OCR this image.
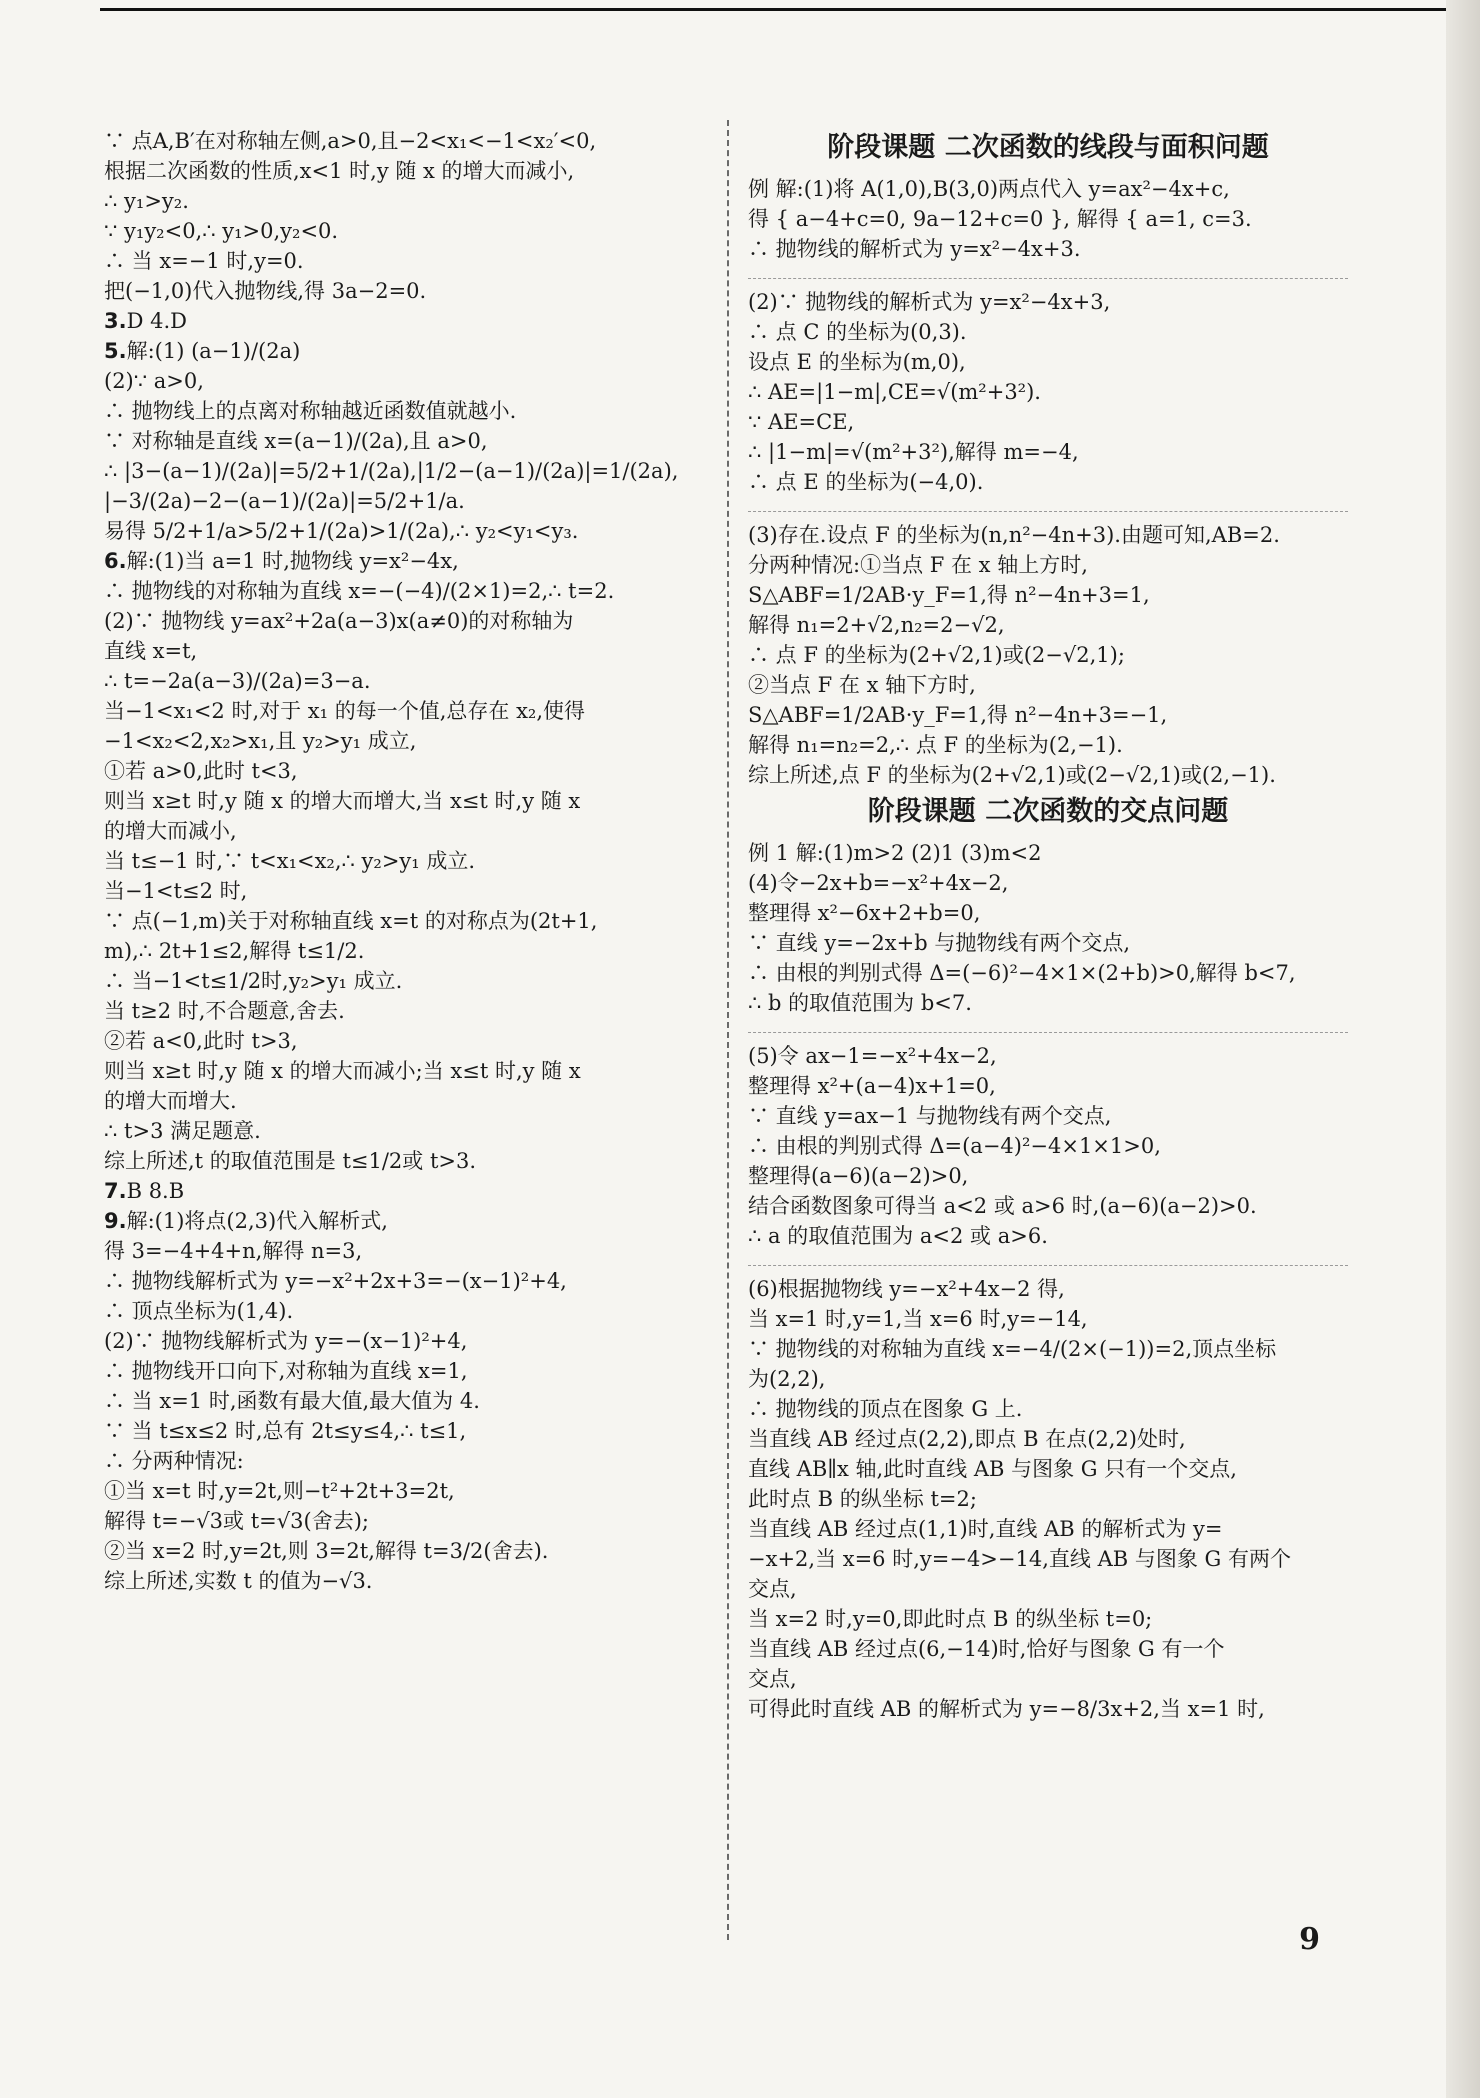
∵ 点A,B′在对称轴左侧,a>0,且−2<x₁<−1<x₂′<0,
根据二次函数的性质,x<1 时,y 随 x 的增大而减小,
∴ y₁>y₂.
∵ y₁y₂<0,∴ y₁>0,y₂<0.
∴ 当 x=−1 时,y=0.
把(−1,0)代入抛物线,得 3a−2=0.
3.D 4.D
5.解:(1) (a−1)/(2a)
(2)∵ a>0,
∴ 抛物线上的点离对称轴越近函数值就越小.
∵ 对称轴是直线 x=(a−1)/(2a),且 a>0,
∴ |3−(a−1)/(2a)|=5/2+1/(2a),|1/2−(a−1)/(2a)|=1/(2a),
|−3/(2a)−2−(a−1)/(2a)|=5/2+1/a.
易得 5/2+1/a>5/2+1/(2a)>1/(2a),∴ y₂<y₁<y₃.
6.解:(1)当 a=1 时,抛物线 y=x²−4x,
∴ 抛物线的对称轴为直线 x=−(−4)/(2×1)=2,∴ t=2.
(2)∵ 抛物线 y=ax²+2a(a−3)x(a≠0)的对称轴为
直线 x=t,
∴ t=−2a(a−3)/(2a)=3−a.
当−1<x₁<2 时,对于 x₁ 的每一个值,总存在 x₂,使得
−1<x₂<2,x₂>x₁,且 y₂>y₁ 成立,
①若 a>0,此时 t<3,
则当 x≥t 时,y 随 x 的增大而增大,当 x≤t 时,y 随 x
的增大而减小,
当 t≤−1 时,∵ t<x₁<x₂,∴ y₂>y₁ 成立.
当−1<t≤2 时,
∵ 点(−1,m)关于对称轴直线 x=t 的对称点为(2t+1,
m),∴ 2t+1≤2,解得 t≤1/2.
∴ 当−1<t≤1/2时,y₂>y₁ 成立.
当 t≥2 时,不合题意,舍去.
②若 a<0,此时 t>3,
则当 x≥t 时,y 随 x 的增大而减小;当 x≤t 时,y 随 x
的增大而增大.
∴ t>3 满足题意.
综上所述,t 的取值范围是 t≤1/2或 t>3.
7.B 8.B
9.解:(1)将点(2,3)代入解析式,
得 3=−4+4+n,解得 n=3,
∴ 抛物线解析式为 y=−x²+2x+3=−(x−1)²+4,
∴ 顶点坐标为(1,4).
(2)∵ 抛物线解析式为 y=−(x−1)²+4,
∴ 抛物线开口向下,对称轴为直线 x=1,
∴ 当 x=1 时,函数有最大值,最大值为 4.
∵ 当 t≤x≤2 时,总有 2t≤y≤4,∴ t≤1,
∴ 分两种情况:
①当 x=t 时,y=2t,则−t²+2t+3=2t,
解得 t=−√3或 t=√3(舍去);
②当 x=2 时,y=2t,则 3=2t,解得 t=3/2(舍去).
综上所述,实数 t 的值为−√3.
阶段课题 二次函数的线段与面积问题
例 解:(1)将 A(1,0),B(3,0)两点代入 y=ax²−4x+c,
得 { a−4+c=0, 9a−12+c=0 }, 解得 { a=1, c=3.
∴ 抛物线的解析式为 y=x²−4x+3.
(2)∵ 抛物线的解析式为 y=x²−4x+3,
∴ 点 C 的坐标为(0,3).
设点 E 的坐标为(m,0),
∴ AE=|1−m|,CE=√(m²+3²).
∵ AE=CE,
∴ |1−m|=√(m²+3²),解得 m=−4,
∴ 点 E 的坐标为(−4,0).
(3)存在.设点 F 的坐标为(n,n²−4n+3).由题可知,AB=2.
分两种情况:①当点 F 在 x 轴上方时,
S△ABF=1/2AB·y_F=1,得 n²−4n+3=1,
解得 n₁=2+√2,n₂=2−√2,
∴ 点 F 的坐标为(2+√2,1)或(2−√2,1);
②当点 F 在 x 轴下方时,
S△ABF=1/2AB·y_F=1,得 n²−4n+3=−1,
解得 n₁=n₂=2,∴ 点 F 的坐标为(2,−1).
综上所述,点 F 的坐标为(2+√2,1)或(2−√2,1)或(2,−1).
阶段课题 二次函数的交点问题
例 1 解:(1)m>2 (2)1 (3)m<2
(4)令−2x+b=−x²+4x−2,
整理得 x²−6x+2+b=0,
∵ 直线 y=−2x+b 与抛物线有两个交点,
∴ 由根的判别式得 Δ=(−6)²−4×1×(2+b)>0,解得 b<7,
∴ b 的取值范围为 b<7.
(5)令 ax−1=−x²+4x−2,
整理得 x²+(a−4)x+1=0,
∵ 直线 y=ax−1 与抛物线有两个交点,
∴ 由根的判别式得 Δ=(a−4)²−4×1×1>0,
整理得(a−6)(a−2)>0,
结合函数图象可得当 a<2 或 a>6 时,(a−6)(a−2)>0.
∴ a 的取值范围为 a<2 或 a>6.
(6)根据抛物线 y=−x²+4x−2 得,
当 x=1 时,y=1,当 x=6 时,y=−14,
∵ 抛物线的对称轴为直线 x=−4/(2×(−1))=2,顶点坐标
为(2,2),
∴ 抛物线的顶点在图象 G 上.
当直线 AB 经过点(2,2),即点 B 在点(2,2)处时,
直线 AB∥x 轴,此时直线 AB 与图象 G 只有一个交点,
此时点 B 的纵坐标 t=2;
当直线 AB 经过点(1,1)时,直线 AB 的解析式为 y=
−x+2,当 x=6 时,y=−4>−14,直线 AB 与图象 G 有两个
交点,
当 x=2 时,y=0,即此时点 B 的纵坐标 t=0;
当直线 AB 经过点(6,−14)时,恰好与图象 G 有一个
交点,
可得此时直线 AB 的解析式为 y=−8/3x+2,当 x=1 时,
9
